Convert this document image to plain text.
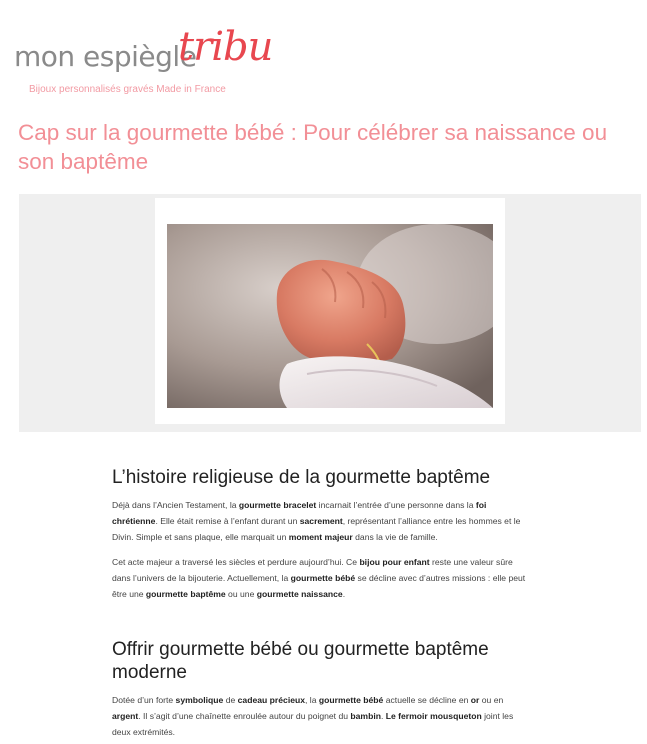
mon espiègle
tribu
Bijoux personnalisés gravés Made in France
Cap sur la gourmette bébé : Pour célébrer sa naissance ou son baptême
L’histoire religieuse de la gourmette baptême

Déjà dans l’Ancien Testament, la gourmette bracelet incarnait l’entrée d’une personne dans la foi chrétienne. Elle était remise à l’enfant durant un sacrement, représentant l’alliance entre les hommes et le Divin. Simple et sans plaque, elle marquait un moment majeur dans la vie de famille.

Cet acte majeur a traversé les siècles et perdure aujourd’hui. Ce bijou pour enfant reste une valeur sûre dans l’univers de la bijouterie. Actuellement, la gourmette bébé se décline avec d’autres missions : elle peut être une gourmette baptême ou une gourmette naissance.

Offrir gourmette bébé ou gourmette baptême moderne

Dotée d’un forte symbolique de cadeau précieux, la gourmette bébé actuelle se décline en or ou en argent. Il s’agit d’une chaînette enroulée autour du poignet du bambin. Le fermoir mousqueton joint les deux extrémités.
